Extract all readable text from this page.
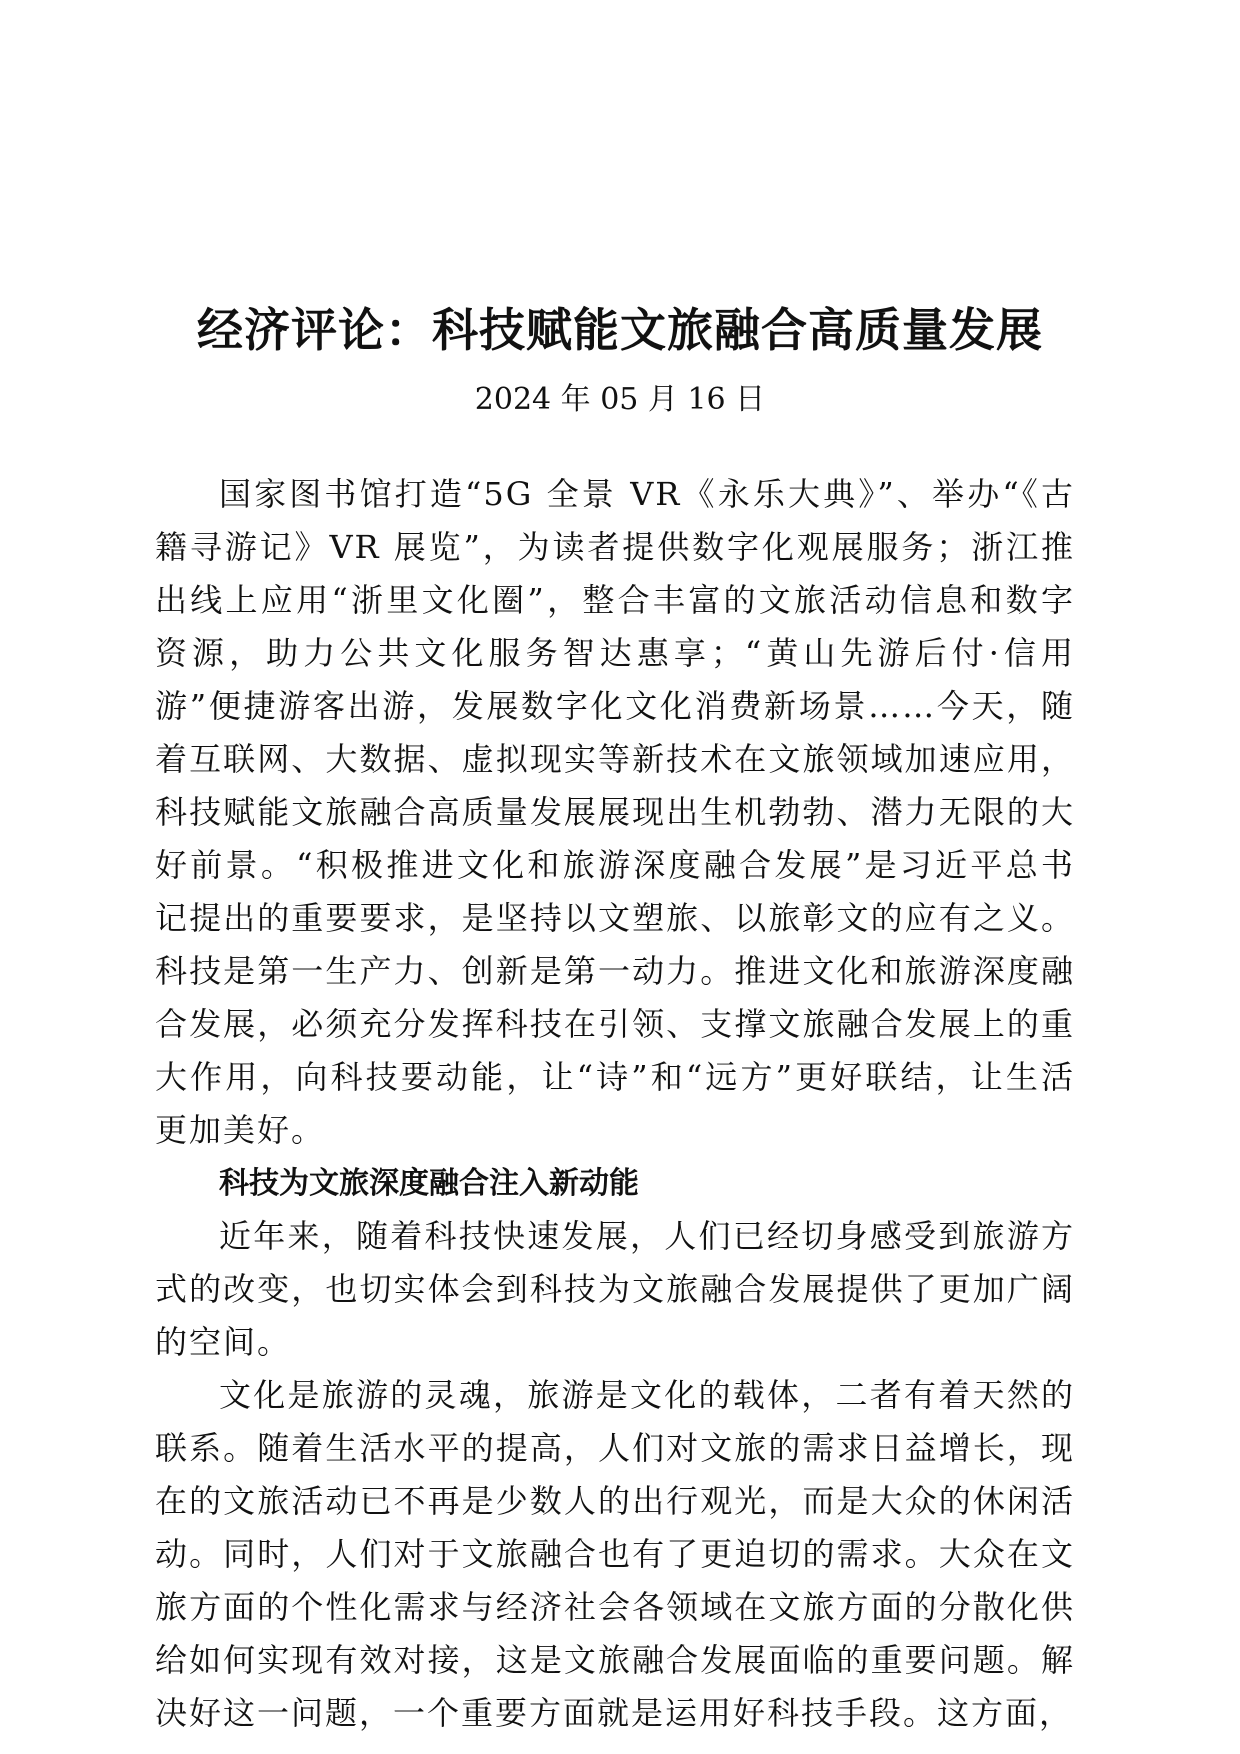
经济评论：科技赋能文旅融合高质量发展
2024 年 05 月 16 日

国家图书馆打造“5G 全景 VR《永乐大典》”、举办“《古籍寻游记》VR 展览”，为读者提供数字化观展服务；浙江推出线上应用“浙里文化圈”，整合丰富的文旅活动信息和数字资源，助力公共文化服务智达惠享；“黄山先游后付·信用游”便捷游客出游，发展数字化文化消费新场景……今天，随着互联网、大数据、虚拟现实等新技术在文旅领域加速应用，科技赋能文旅融合高质量发展展现出生机勃勃、潜力无限的大好前景。“积极推进文化和旅游深度融合发展”是习近平总书记提出的重要要求，是坚持以文塑旅、以旅彰文的应有之义。科技是第一生产力、创新是第一动力。推进文化和旅游深度融合发展，必须充分发挥科技在引领、支撑文旅融合发展上的重大作用，向科技要动能，让“诗”和“远方”更好联结，让生活更加美好。

科技为文旅深度融合注入新动能

近年来，随着科技快速发展，人们已经切身感受到旅游方式的改变，也切实体会到科技为文旅融合发展提供了更加广阔的空间。

文化是旅游的灵魂，旅游是文化的载体，二者有着天然的联系。随着生活水平的提高，人们对文旅的需求日益增长，现在的文旅活动已不再是少数人的出行观光，而是大众的休闲活动。同时，人们对于文旅融合也有了更迫切的需求。大众在文旅方面的个性化需求与经济社会各领域在文旅方面的分散化供给如何实现有效对接，这是文旅融合发展面临的重要问题。解决好这一问题，一个重要方面就是运用好科技手段。这方面，
